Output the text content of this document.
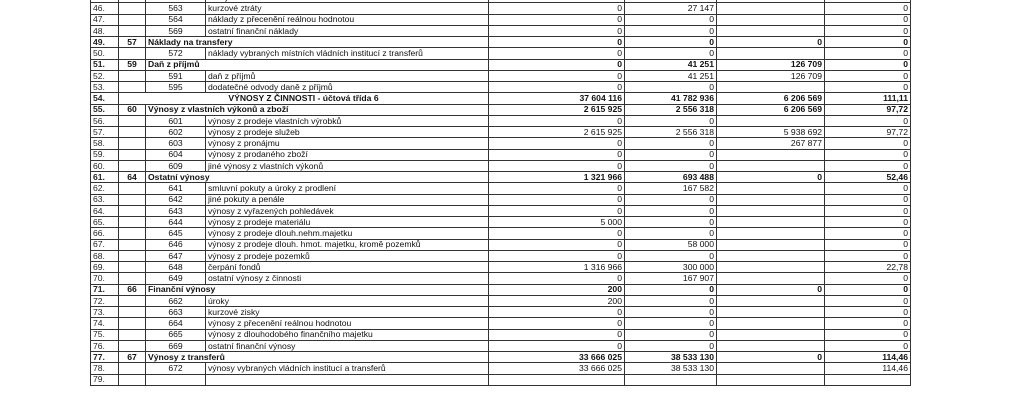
46.		563	kurzové ztráty	0	27 147		0
47.		564	náklady z přecenění reálnou hodnotou	0	0		0
48.		569	ostatní finanční náklady	0	0		0
49.	57	Náklady na transfery		0	0	0	0
50.		572	náklady vybraných místních vládních institucí z transferů	0	0		0
51.	59	Daň z příjmů		0	41 251	126 709	0
52.		591	daň z příjmů	0	41 251	126 709	0
53.		595	dodatečné odvody daně z příjmů	0	0		0
54.	VÝNOSY Z ČINNOSTI - účtová třída 6			37 604 116	41 782 936	6 206 569	111,11
55.	60	Výnosy z vlastních výkonů a zboží		2 615 925	2 556 318	6 206 569	97,72
56.		601	výnosy z prodeje vlastních výrobků	0	0		0
57.		602	výnosy z prodeje služeb	2 615 925	2 556 318	5 938 692	97,72
58.		603	výnosy z pronájmu	0	0	267 877	0
59.		604	výnosy z prodaného zboží	0	0		0
60.		609	jiné výnosy z vlastních výkonů	0	0		0
61.	64	Ostatní výnosy		1 321 966	693 488	0	52,46
62.		641	smluvní pokuty a úroky z prodlení	0	167 582		0
63.		642	jiné pokuty a penále	0	0		0
64.		643	výnosy z vyřazených pohledávek	0	0		0
65.		644	výnosy z prodeje materiálu	5 000	0		0
66.		645	výnosy z prodeje dlouh.nehm.majetku	0	0		0
67.		646	výnosy z prodeje dlouh. hmot. majetku, kromě pozemků	0	58 000		0
68.		647	výnosy z prodeje pozemků	0	0		0
69.		648	čerpání fondů	1 316 966	300 000		22,78
70.		649	ostatní výnosy z činnosti	0	167 907		0
71.	66	Finanční výnosy		200	0	0	0
72.		662	úroky	200	0		0
73.		663	kurzové zisky	0	0		0
74.		664	výnosy z přecenění reálnou hodnotou	0	0		0
75.		665	výnosy z dlouhodobého finančního majetku	0	0		0
76.		669	ostatní finanční výnosy	0	0		0
77.	67	Výnosy z transferů		33 666 025	38 533 130	0	114,46
78.		672	výnosy vybraných vládních institucí a transferů	33 666 025	38 533 130		114,46
79.							
